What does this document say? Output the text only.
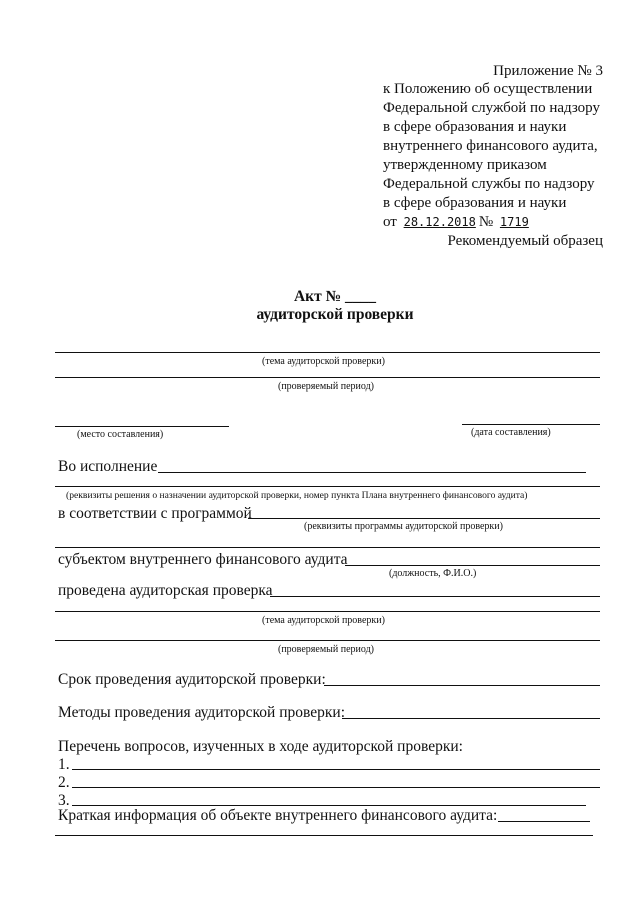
Приложение № 3
к Положению об осуществлении
Федеральной службой по надзору
в сфере образования и науки
внутреннего финансового аудита,
утвержденному приказом
Федеральной службы по надзору
в сфере образования и науки
от 28.12.2018 № 1719
Рекомендуемый образец
Акт № ____
аудиторской проверки
(тема аудиторской проверки)
(проверяемый период)
(место составления)	(дата составления)
Во исполнение
(реквизиты решения о назначении аудиторской проверки, номер пункта Плана внутреннего финансового аудита)
в соответствии с программой
(реквизиты программы аудиторской проверки)
субъектом внутреннего финансового аудита
(должность, Ф.И.О.)
проведена аудиторская проверка
(тема аудиторской проверки)
(проверяемый период)
Срок проведения аудиторской проверки:
Методы проведения аудиторской проверки:
Перечень вопросов, изученных в ходе аудиторской проверки:
1.
2.
3.
Краткая информация об объекте внутреннего финансового аудита:
